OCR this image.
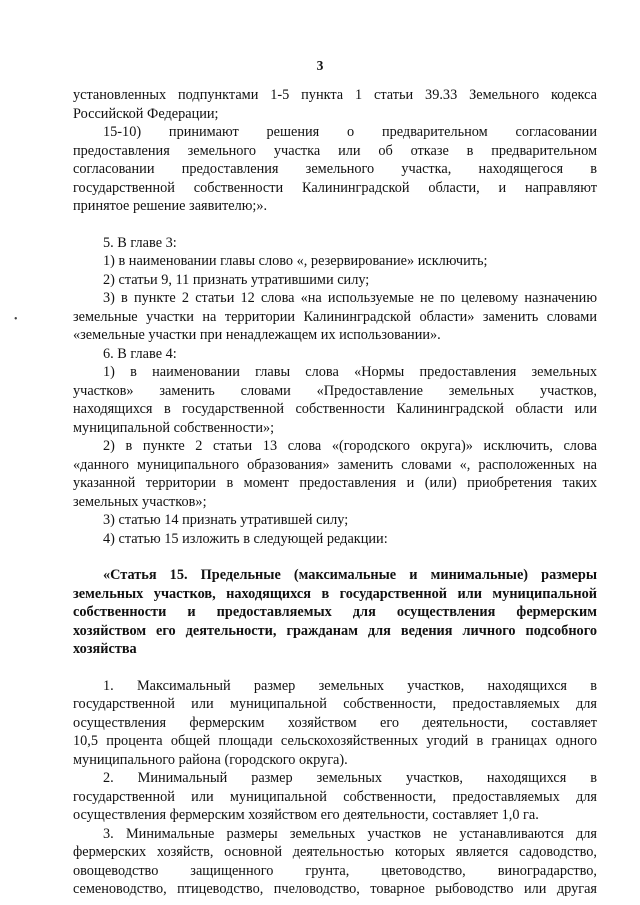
3
•
установленных подпунктами 1-5 пункта 1 статьи 39.33 Земельного кодекса
Российской Федерации;
15-10) принимают решения о предварительном согласовании
предоставления земельного участка или об отказе в предварительном
согласовании предоставления земельного участка, находящегося в
государственной собственности Калининградской области, и направляют
принятое решение заявителю;».
5. В главе 3:
1) в наименовании главы слово «, резервирование» исключить;
2) статьи 9, 11 признать утратившими силу;
3) в пункте 2 статьи 12 слова «на используемые не по целевому назначению
земельные участки на территории Калининградской области» заменить словами
«земельные участки при ненадлежащем их использовании».
6. В главе 4:
1) в наименовании главы слова «Нормы предоставления земельных
участков» заменить словами «Предоставление земельных участков,
находящихся в государственной собственности Калининградской области или
муниципальной собственности»;
2) в пункте 2 статьи 13 слова «(городского округа)» исключить, слова
«данного муниципального образования» заменить словами «, расположенных на
указанной территории в момент предоставления и (или) приобретения таких
земельных участков»;
3) статью 14 признать утратившей силу;
4) статью 15 изложить в следующей редакции:
«Статья 15. Предельные (максимальные и минимальные) размеры
земельных участков, находящихся в государственной или муниципальной
собственности и предоставляемых для осуществления фермерским
хозяйством его деятельности, гражданам для ведения личного подсобного
хозяйства
1. Максимальный размер земельных участков, находящихся в
государственной или муниципальной собственности, предоставляемых для
осуществления фермерским хозяйством его деятельности, составляет
10,5 процента общей площади сельскохозяйственных угодий в границах одного
муниципального района (городского округа).
2. Минимальный размер земельных участков, находящихся в
государственной или муниципальной собственности, предоставляемых для
осуществления фермерским хозяйством его деятельности, составляет 1,0 га.
3. Минимальные размеры земельных участков не устанавливаются для
фермерских хозяйств, основной деятельностью которых является садоводство,
овощеводство защищенного грунта, цветоводство, виноградарство,
семеноводство, птицеводство, пчеловодство, товарное рыбоводство или другая
